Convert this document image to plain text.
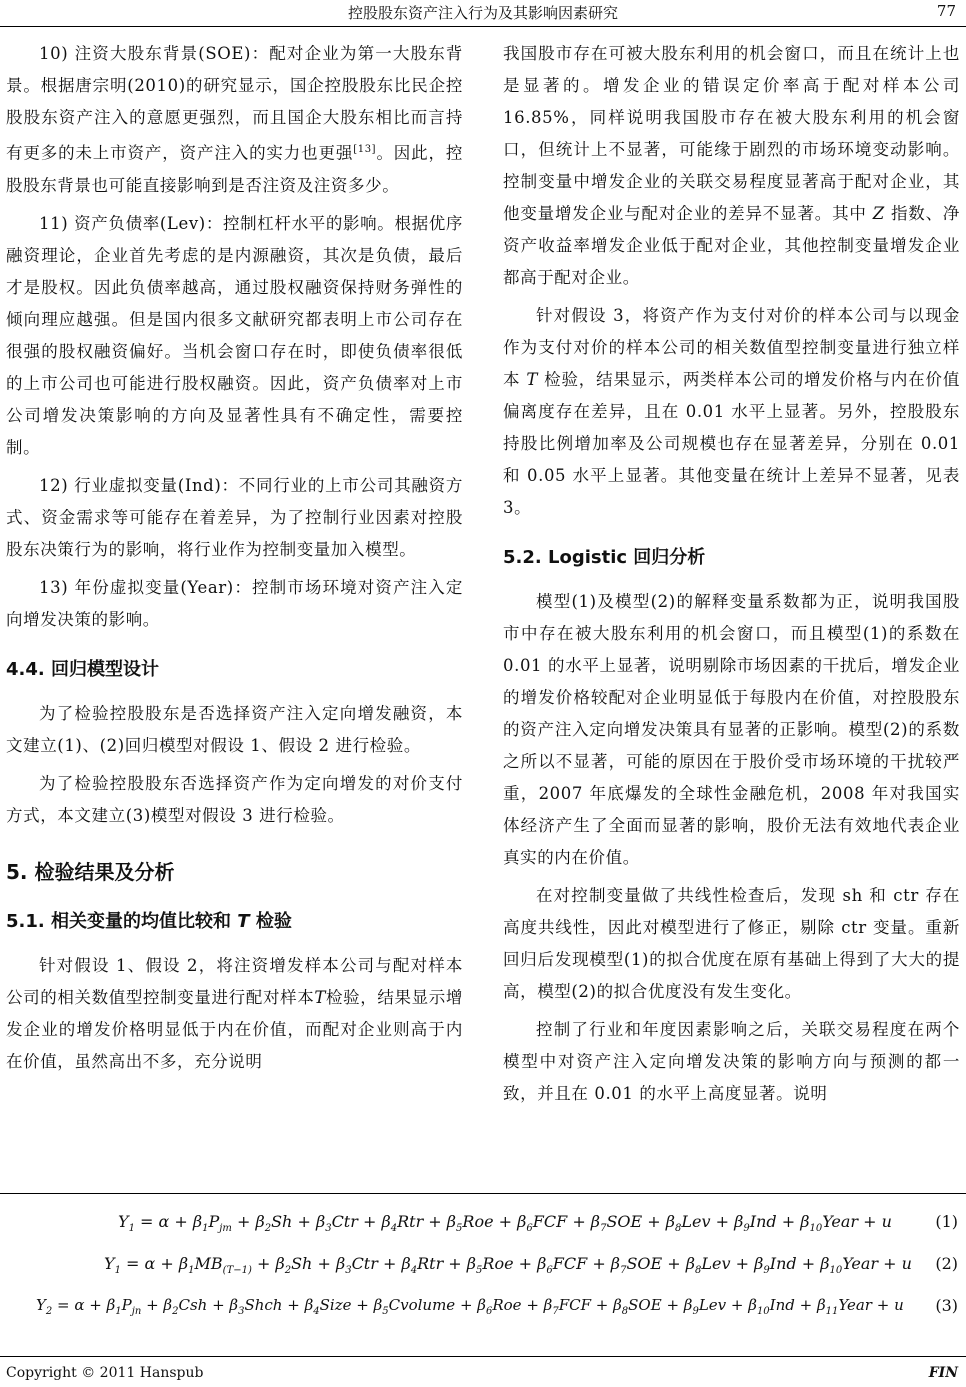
控股股东资产注入行为及其影响因素研究	77

10) 注资大股东背景(SOE)：配对企业为第一大股东背景。根据唐宗明(2010)的研究显示，国企控股股东比民企控股股东资产注入的意愿更强烈，而且国企大股东相比而言持有更多的未上市资产，资产注入的实力也更强[13]。因此，控股股东背景也可能直接影响到是否注资及注资多少。

11) 资产负债率(Lev)：控制杠杆水平的影响。根据优序融资理论，企业首先考虑的是内源融资，其次是负债，最后才是股权。因此负债率越高，通过股权融资保持财务弹性的倾向理应越强。但是国内很多文献研究都表明上市公司存在很强的股权融资偏好。当机会窗口存在时，即使负债率很低的上市公司也可能进行股权融资。因此，资产负债率对上市公司增发决策影响的方向及显著性具有不确定性，需要控制。

12) 行业虚拟变量(Ind)：不同行业的上市公司其融资方式、资金需求等可能存在着差异，为了控制行业因素对控股股东决策行为的影响，将行业作为控制变量加入模型。

13) 年份虚拟变量(Year)：控制市场环境对资产注入定向增发决策的影响。

4.4. 回归模型设计

为了检验控股股东是否选择资产注入定向增发融资，本文建立(1)、(2)回归模型对假设 1、假设 2 进行检验。

为了检验控股股东否选择资产作为定向增发的对价支付方式，本文建立(3)模型对假设 3 进行检验。

5. 检验结果及分析
5.1. 相关变量的均值比较和 T 检验

针对假设 1、假设 2，将注资增发样本公司与配对样本公司的相关数值型控制变量进行配对样本T检验，结果显示增发企业的增发价格明显低于内在价值，而配对企业则高于内在价值，虽然高出不多，充分说明

我国股市存在可被大股东利用的机会窗口，而且在统计上也是显著的。增发企业的错误定价率高于配对样本公司 16.85%，同样说明我国股市存在被大股东利用的机会窗口，但统计上不显著，可能缘于剧烈的市场环境变动影响。控制变量中增发企业的关联交易程度显著高于配对企业，其他变量增发企业与配对企业的差异不显著。其中 Z 指数、净资产收益率增发企业低于配对企业，其他控制变量增发企业都高于配对企业。

针对假设 3，将资产作为支付对价的样本公司与以现金作为支付对价的样本公司的相关数值型控制变量进行独立样本 T 检验，结果显示，两类样本公司的增发价格与内在价值偏离度存在差异，且在 0.01 水平上显著。另外，控股股东持股比例增加率及公司规模也存在显著差异，分别在 0.01 和 0.05 水平上显著。其他变量在统计上差异不显著，见表 3。

5.2. Logistic 回归分析

模型(1)及模型(2)的解释变量系数都为正，说明我国股市中存在被大股东利用的机会窗口，而且模型(1)的系数在 0.01 的水平上显著，说明剔除市场因素的干扰后，增发企业的增发价格较配对企业明显低于每股内在价值，对控股股东的资产注入定向增发决策具有显著的正影响。模型(2)的系数之所以不显著，可能的原因在于股价受市场环境的干扰较严重，2007 年底爆发的全球性金融危机，2008 年对我国实体经济产生了全面而显著的影响，股价无法有效地代表企业真实的内在价值。

在对控制变量做了共线性检查后，发现 sh 和 ctr 存在高度共线性，因此对模型进行了修正，剔除 ctr 变量。重新回归后发现模型(1)的拟合优度在原有基础上得到了大大的提高，模型(2)的拟合优度没有发生变化。

控制了行业和年度因素影响之后，关联交易程度在两个模型中对资产注入定向增发决策的影响方向与预测的都一致，并且在 0.01 的水平上高度显著。说明

$Y_1 = \alpha + \beta_1P_{jm} + \beta_2Sh + \beta_3Ctr + \beta_4Rtr + \beta_5Roe + \beta_6FCF + \beta_7SOE + \beta_8Lev + \beta_9Ind$ + $\beta_{10}Year + u$	(1)
$Y_1 = \alpha + \beta_1MB_{(T-1)} + \beta_2Sh + \beta_3Ctr + \beta_4Rtr + \beta_5Roe + \beta_6FCF + \beta_7SOE + \beta_8Lev + \beta_9Ind$ + $\beta_{10}Year + u$ (2)
$Y_2 = \alpha + \beta_1P_{jn} + \beta_2Csh$ + $\beta_3Shch$ + $\beta_4Size$ + $\beta_5Cvolume + \beta_6Roe + \beta_7FCF + \beta_8SOE + \beta_9Lev + \beta_{10}Ind$ + $\beta_{11}Year + u$ (3)
Copyright © 2011 Hanspub	FIN
